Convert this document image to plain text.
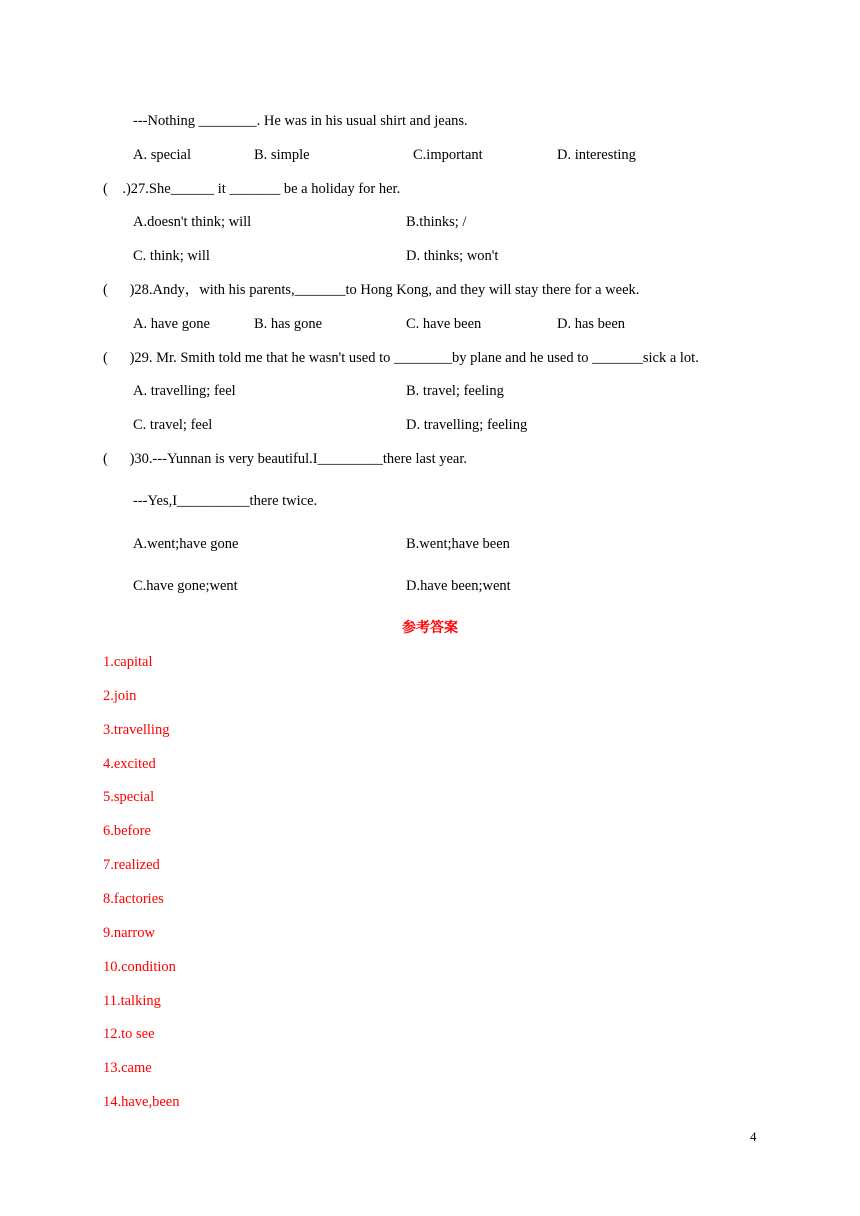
---Nothing ________. He was in his usual shirt and jeans.
A. special	B. simple	C.important	D. interesting
(    .)27.She______ it _______ be a holiday for her.
A.doesn't think; will	B.thinks; /
C. think; will	D. thinks; won't
(      )28.Andy，with his parents,_______to Hong Kong, and they will stay there for a week.
A. have gone	B. has gone	C. have been	D. has been
(      )29. Mr. Smith told me that he wasn't used to ________by plane and he used to _______sick a lot.
A. travelling; feel	B. travel; feeling
C. travel; feel	D. travelling; feeling
(      )30.---Yunnan is very beautiful.I_________there last year.
---Yes,I__________there twice.
A.went;have gone	B.went;have been
C.have gone;went	D.have been;went
参考答案
1.capital
2.join
3.travelling
4.excited
5.special
6.before
7.realized
8.factories
9.narrow
10.condition
11.talking
12.to see
13.came
14.have,been
4
